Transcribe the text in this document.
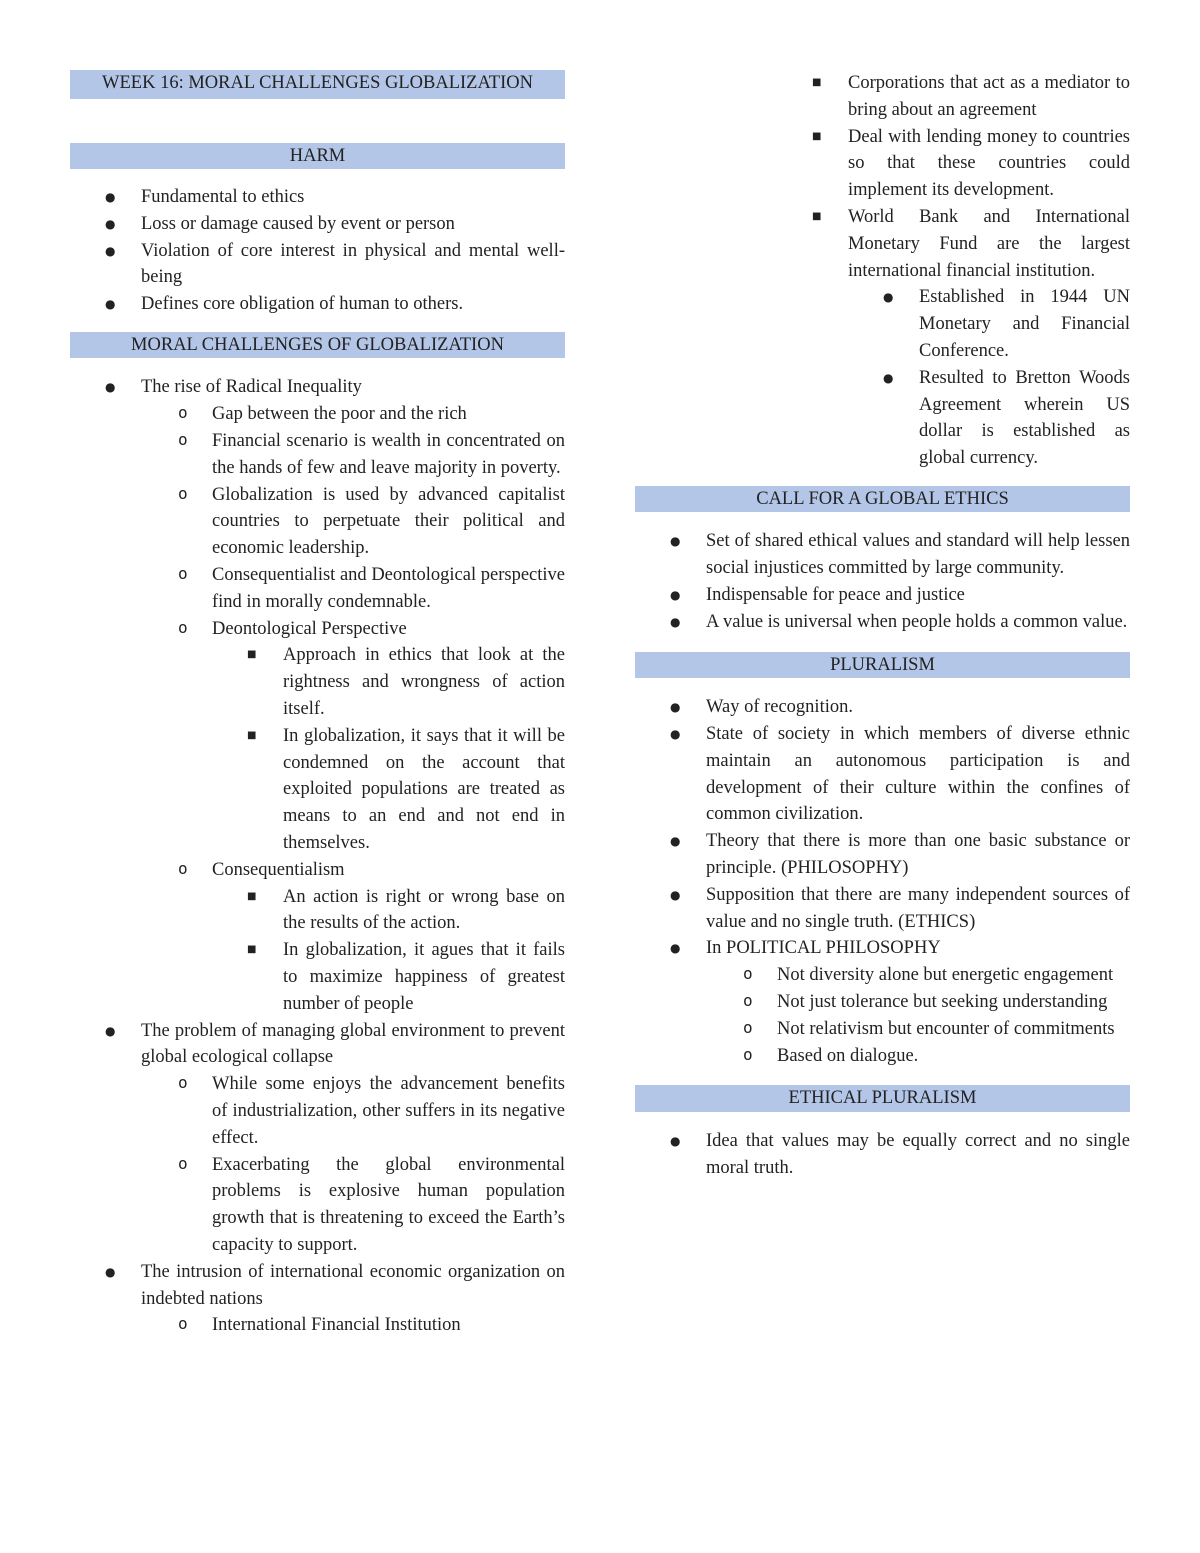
WEEK 16: MORAL CHALLENGES GLOBALIZATION
HARM
● Fundamental to ethics
● Loss or damage caused by event or person
● Violation of core interest in physical and mental well-being
● Defines core obligation of human to others.
MORAL CHALLENGES OF GLOBALIZATION
● The rise of Radical Inequality
o Gap between the poor and the rich
o Financial scenario is wealth in concentrated on the hands of few and leave majority in poverty.
o Globalization is used by advanced capitalist countries to perpetuate their political and economic leadership.
o Consequentialist and Deontological perspective find in morally condemnable.
o Deontological Perspective
■ Approach in ethics that look at the rightness and wrongness of action itself.
■ In globalization, it says that it will be condemned on the account that exploited populations are treated as means to an end and not end in themselves.
o Consequentialism
■ An action is right or wrong base on the results of the action.
■ In globalization, it agues that it fails to maximize happiness of greatest number of people
● The problem of managing global environment to prevent global ecological collapse
o While some enjoys the advancement benefits of industrialization, other suffers in its negative effect.
o Exacerbating the global environmental problems is explosive human population growth that is threatening to exceed the Earth’s capacity to support.
● The intrusion of international economic organization on indebted nations
o International Financial Institution
■ Corporations that act as a mediator to bring about an agreement
■ Deal with lending money to countries so that these countries could implement its development.
■ World Bank and International Monetary Fund are the largest international financial institution.
● Established in 1944 UN Monetary and Financial Conference.
● Resulted to Bretton Woods Agreement wherein US dollar is established as global currency.
CALL FOR A GLOBAL ETHICS
● Set of shared ethical values and standard will help lessen social injustices committed by large community.
● Indispensable for peace and justice
● A value is universal when people holds a common value.
PLURALISM
● Way of recognition.
● State of society in which members of diverse ethnic maintain an autonomous participation is and development of their culture within the confines of common civilization.
● Theory that there is more than one basic substance or principle. (PHILOSOPHY)
● Supposition that there are many independent sources of value and no single truth. (ETHICS)
● In POLITICAL PHILOSOPHY
o Not diversity alone but energetic engagement
o Not just tolerance but seeking understanding
o Not relativism but encounter of commitments
o Based on dialogue.
ETHICAL PLURALISM
● Idea that values may be equally correct and no single moral truth.
